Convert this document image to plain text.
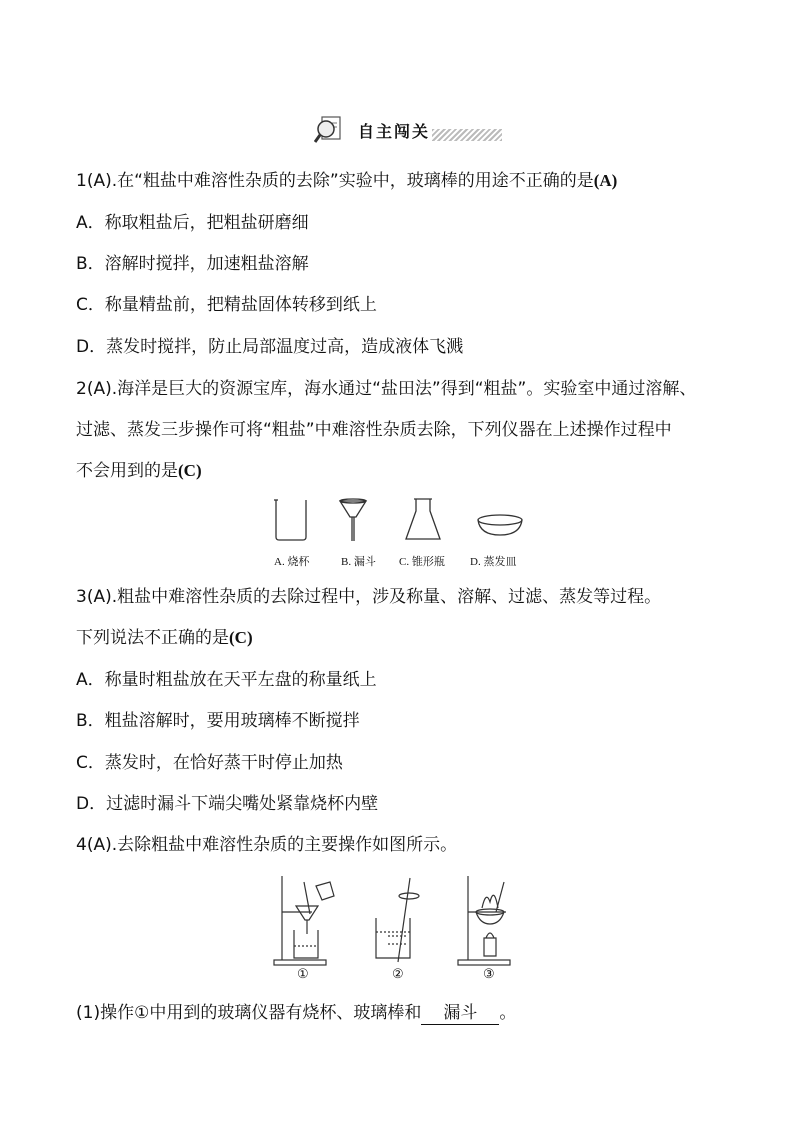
自主闯关
1(A).在“粗盐中难溶性杂质的去除”实验中，玻璃棒的用途不正确的是(A)
A．称取粗盐后，把粗盐研磨细
B．溶解时搅拌，加速粗盐溶解
C．称量精盐前，把精盐固体转移到纸上
D．蒸发时搅拌，防止局部温度过高，造成液体飞溅
2(A).海洋是巨大的资源宝库，海水通过“盐田法”得到“粗盐”。实验室中通过溶解、
过滤、蒸发三步操作可将“粗盐”中难溶性杂质去除，下列仪器在上述操作过程中
不会用到的是(C)
A. 烧杯	B. 漏斗 C. 锥形瓶 D. 蒸发皿
3(A).粗盐中难溶性杂质的去除过程中，涉及称量、溶解、过滤、蒸发等过程。
下列说法不正确的是(C)
A．称量时粗盐放在天平左盘的称量纸上
B．粗盐溶解时，要用玻璃棒不断搅拌
C．蒸发时，在恰好蒸干时停止加热
D．过滤时漏斗下端尖嘴处紧靠烧杯内壁
4(A).去除粗盐中难溶性杂质的主要操作如图所示。
①	②	③
(1)操作①中用到的玻璃仪器有烧杯、玻璃棒和 漏斗 。
